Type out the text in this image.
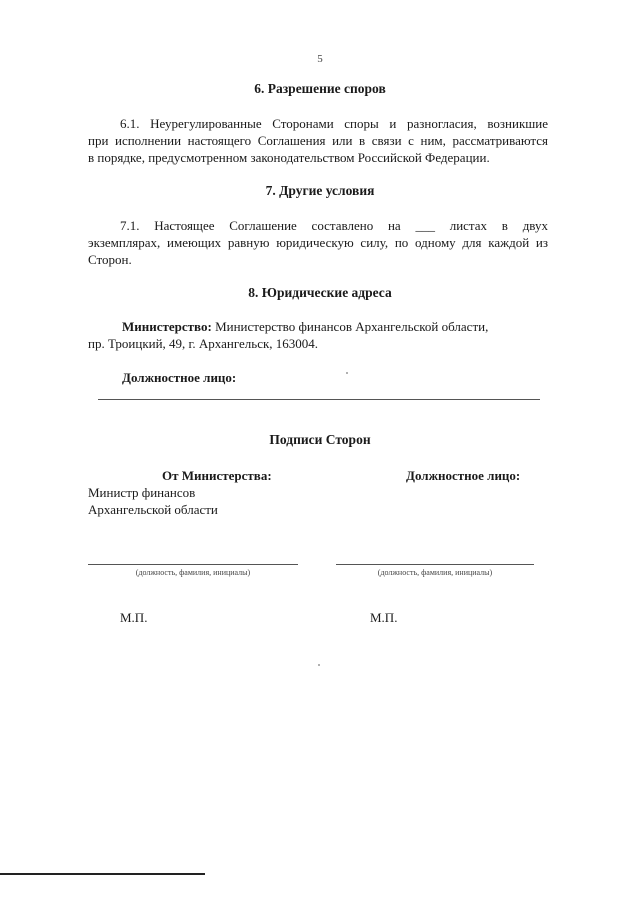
5
6. Разрешение споров
6.1. Неурегулированные Сторонами споры и разногласия, возникшие
при исполнении настоящего Соглашения или в связи с ним, рассматриваются
в порядке, предусмотренном законодательством Российской Федерации.
7. Другие условия
7.1. Настоящее Соглашение составлено на ___ листах в двух
экземплярах, имеющих равную юридическую силу, по одному для каждой из
Сторон.
8. Юридические адреса
Министерство: Министерство финансов Архангельской области,
пр. Троицкий, 49, г. Архангельск, 163004.
Должностное лицо:
Подписи Сторон
От Министерства:	Должностное лицо:
Министр финансов
Архангельской области
(должность, фамилия, инициалы)	(должность, фамилия, инициалы)
М.П.	М.П.
